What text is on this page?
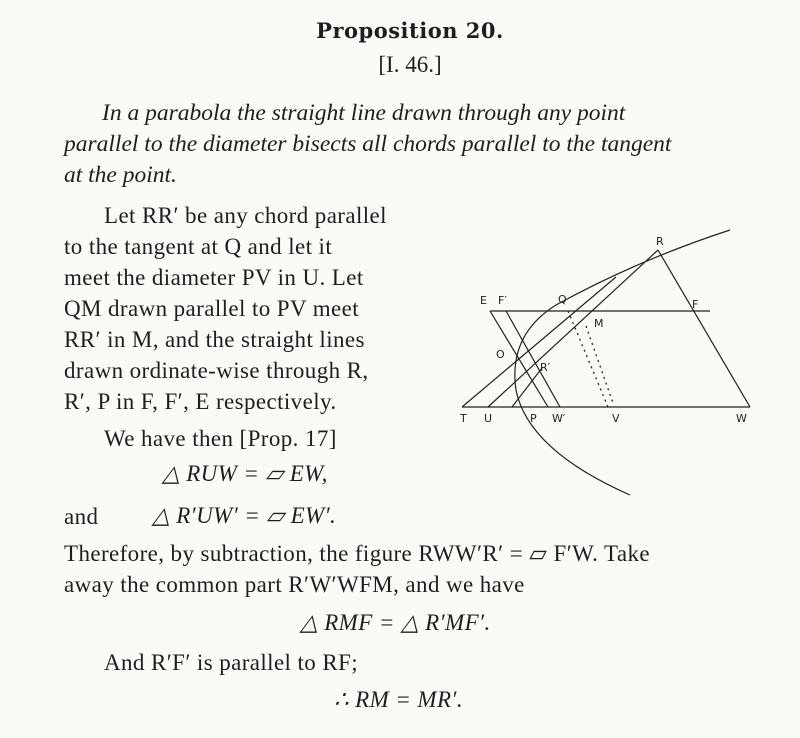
Proposition 20.
[I. 46.]
In a parabola the straight line drawn through any point
parallel to the diameter bisects all chords parallel to the tangent
at the point.
Let RR′ be any chord parallel
to the tangent at Q and let it
meet the diameter PV in U. Let
QM drawn parallel to PV meet
RR′ in M, and the straight lines
drawn ordinate-wise through R,
R′, P in F, F′, E respectively.
We have then [Prop. 17]
△ RUW = ▱ EW,
and △ R′UW′ = ▱ EW′.
Therefore, by subtraction, the figure RWW′R′ = ▱ F′W. Take
away the common part R′W′WFM, and we have
△ RMF = △ R′MF′.
And R′F′ is parallel to RF;
∴ RM = MR′.
R
E F′	Q	F
M
O
R′
T U	P W′	V	W
